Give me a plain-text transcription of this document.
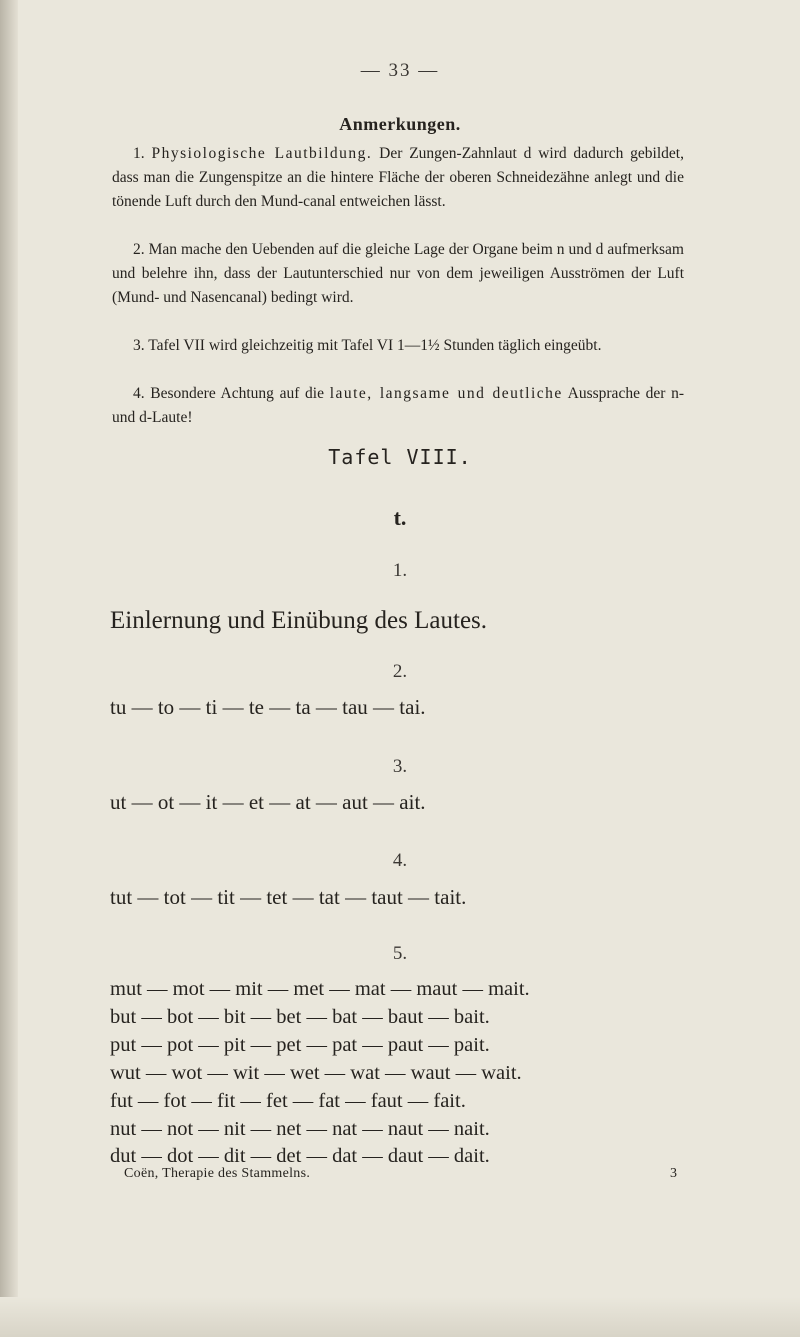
— 33 —
Anmerkungen.
1. Physiologische Lautbildung. Der Zungen-Zahnlaut d wird dadurch gebildet, dass man die Zungenspitze an die hintere Fläche der oberen Schneidezähne anlegt und die tönende Luft durch den Mund-canal entweichen lässt.
2. Man mache den Uebenden auf die gleiche Lage der Organe beim n und d aufmerksam und belehre ihn, dass der Lautunterschied nur von dem jeweiligen Ausströmen der Luft (Mund- und Nasencanal) bedingt wird.
3. Tafel VII wird gleichzeitig mit Tafel VI 1—1½ Stunden täglich eingeübt.
4. Besondere Achtung auf die laute, langsame und deutliche Aussprache der n- und d-Laute!
Tafel VIII.
t.
1.
Einlernung und Einübung des Lautes.
2.
tu — to — ti — te — ta — tau — tai.
3.
ut — ot — it — et — at — aut — ait.
4.
tut — tot — tit — tet — tat — taut — tait.
5.
mut — mot — mit — met — mat — maut — mait.
but — bot — bit — bet — bat — baut — bait.
put — pot — pit — pet — pat — paut — pait.
wut — wot — wit — wet — wat — waut — wait.
fut — fot — fit — fet — fat — faut — fait.
nut — not — nit — net — nat — naut — nait.
dut — dot — dit — det — dat — daut — dait.
Coën, Therapie des Stammelns.	3
